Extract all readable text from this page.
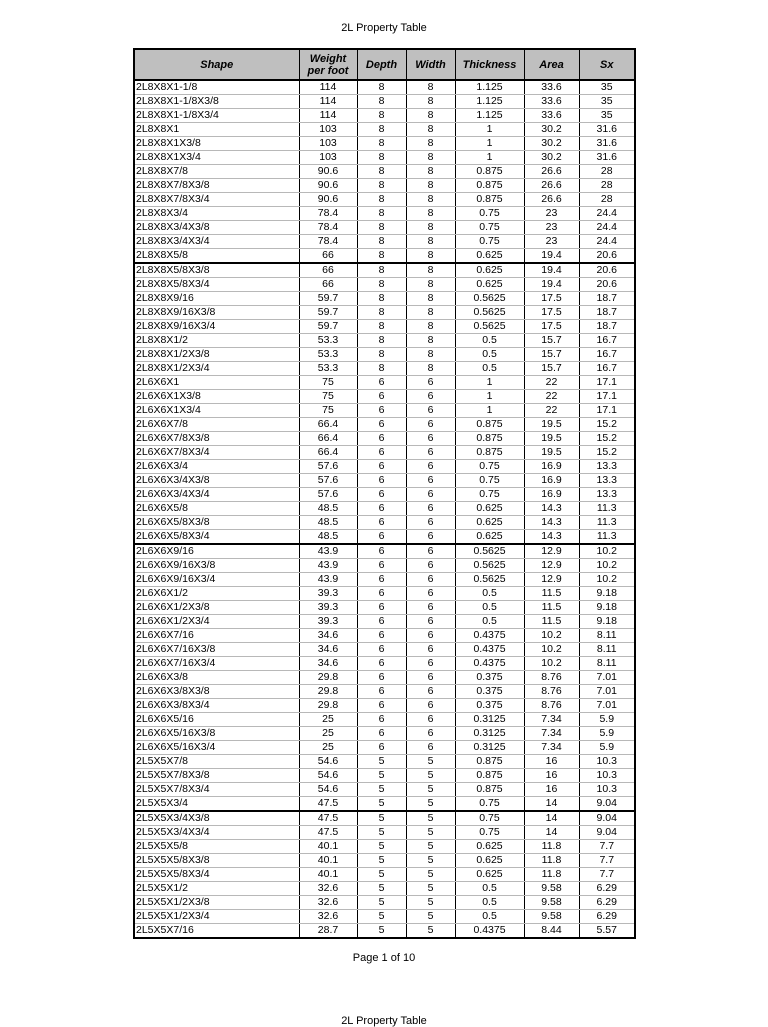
2L Property Table
Shape	Weight
per foot	Depth	Width	Thickness	Area	Sx
2L8X8X1-1/8	114	8	8	1.125	33.6	35
2L8X8X1-1/8X3/8	114	8	8	1.125	33.6	35
2L8X8X1-1/8X3/4	114	8	8	1.125	33.6	35
2L8X8X1	103	8	8	1	30.2	31.6
2L8X8X1X3/8	103	8	8	1	30.2	31.6
2L8X8X1X3/4	103	8	8	1	30.2	31.6
2L8X8X7/8	90.6	8	8	0.875	26.6	28
2L8X8X7/8X3/8	90.6	8	8	0.875	26.6	28
2L8X8X7/8X3/4	90.6	8	8	0.875	26.6	28
2L8X8X3/4	78.4	8	8	0.75	23	24.4
2L8X8X3/4X3/8	78.4	8	8	0.75	23	24.4
2L8X8X3/4X3/4	78.4	8	8	0.75	23	24.4
2L8X8X5/8	66	8	8	0.625	19.4	20.6
2L8X8X5/8X3/8	66	8	8	0.625	19.4	20.6
2L8X8X5/8X3/4	66	8	8	0.625	19.4	20.6
2L8X8X9/16	59.7	8	8	0.5625	17.5	18.7
2L8X8X9/16X3/8	59.7	8	8	0.5625	17.5	18.7
2L8X8X9/16X3/4	59.7	8	8	0.5625	17.5	18.7
2L8X8X1/2	53.3	8	8	0.5	15.7	16.7
2L8X8X1/2X3/8	53.3	8	8	0.5	15.7	16.7
2L8X8X1/2X3/4	53.3	8	8	0.5	15.7	16.7
2L6X6X1	75	6	6	1	22	17.1
2L6X6X1X3/8	75	6	6	1	22	17.1
2L6X6X1X3/4	75	6	6	1	22	17.1
2L6X6X7/8	66.4	6	6	0.875	19.5	15.2
2L6X6X7/8X3/8	66.4	6	6	0.875	19.5	15.2
2L6X6X7/8X3/4	66.4	6	6	0.875	19.5	15.2
2L6X6X3/4	57.6	6	6	0.75	16.9	13.3
2L6X6X3/4X3/8	57.6	6	6	0.75	16.9	13.3
2L6X6X3/4X3/4	57.6	6	6	0.75	16.9	13.3
2L6X6X5/8	48.5	6	6	0.625	14.3	11.3
2L6X6X5/8X3/8	48.5	6	6	0.625	14.3	11.3
2L6X6X5/8X3/4	48.5	6	6	0.625	14.3	11.3
2L6X6X9/16	43.9	6	6	0.5625	12.9	10.2
2L6X6X9/16X3/8	43.9	6	6	0.5625	12.9	10.2
2L6X6X9/16X3/4	43.9	6	6	0.5625	12.9	10.2
2L6X6X1/2	39.3	6	6	0.5	11.5	9.18
2L6X6X1/2X3/8	39.3	6	6	0.5	11.5	9.18
2L6X6X1/2X3/4	39.3	6	6	0.5	11.5	9.18
2L6X6X7/16	34.6	6	6	0.4375	10.2	8.11
2L6X6X7/16X3/8	34.6	6	6	0.4375	10.2	8.11
2L6X6X7/16X3/4	34.6	6	6	0.4375	10.2	8.11
2L6X6X3/8	29.8	6	6	0.375	8.76	7.01
2L6X6X3/8X3/8	29.8	6	6	0.375	8.76	7.01
2L6X6X3/8X3/4	29.8	6	6	0.375	8.76	7.01
2L6X6X5/16	25	6	6	0.3125	7.34	5.9
2L6X6X5/16X3/8	25	6	6	0.3125	7.34	5.9
2L6X6X5/16X3/4	25	6	6	0.3125	7.34	5.9
2L5X5X7/8	54.6	5	5	0.875	16	10.3
2L5X5X7/8X3/8	54.6	5	5	0.875	16	10.3
2L5X5X7/8X3/4	54.6	5	5	0.875	16	10.3
2L5X5X3/4	47.5	5	5	0.75	14	9.04
2L5X5X3/4X3/8	47.5	5	5	0.75	14	9.04
2L5X5X3/4X3/4	47.5	5	5	0.75	14	9.04
2L5X5X5/8	40.1	5	5	0.625	11.8	7.7
2L5X5X5/8X3/8	40.1	5	5	0.625	11.8	7.7
2L5X5X5/8X3/4	40.1	5	5	0.625	11.8	7.7
2L5X5X1/2	32.6	5	5	0.5	9.58	6.29
2L5X5X1/2X3/8	32.6	5	5	0.5	9.58	6.29
2L5X5X1/2X3/4	32.6	5	5	0.5	9.58	6.29
2L5X5X7/16	28.7	5	5	0.4375	8.44	5.57
Page 1 of 10
2L Property Table
